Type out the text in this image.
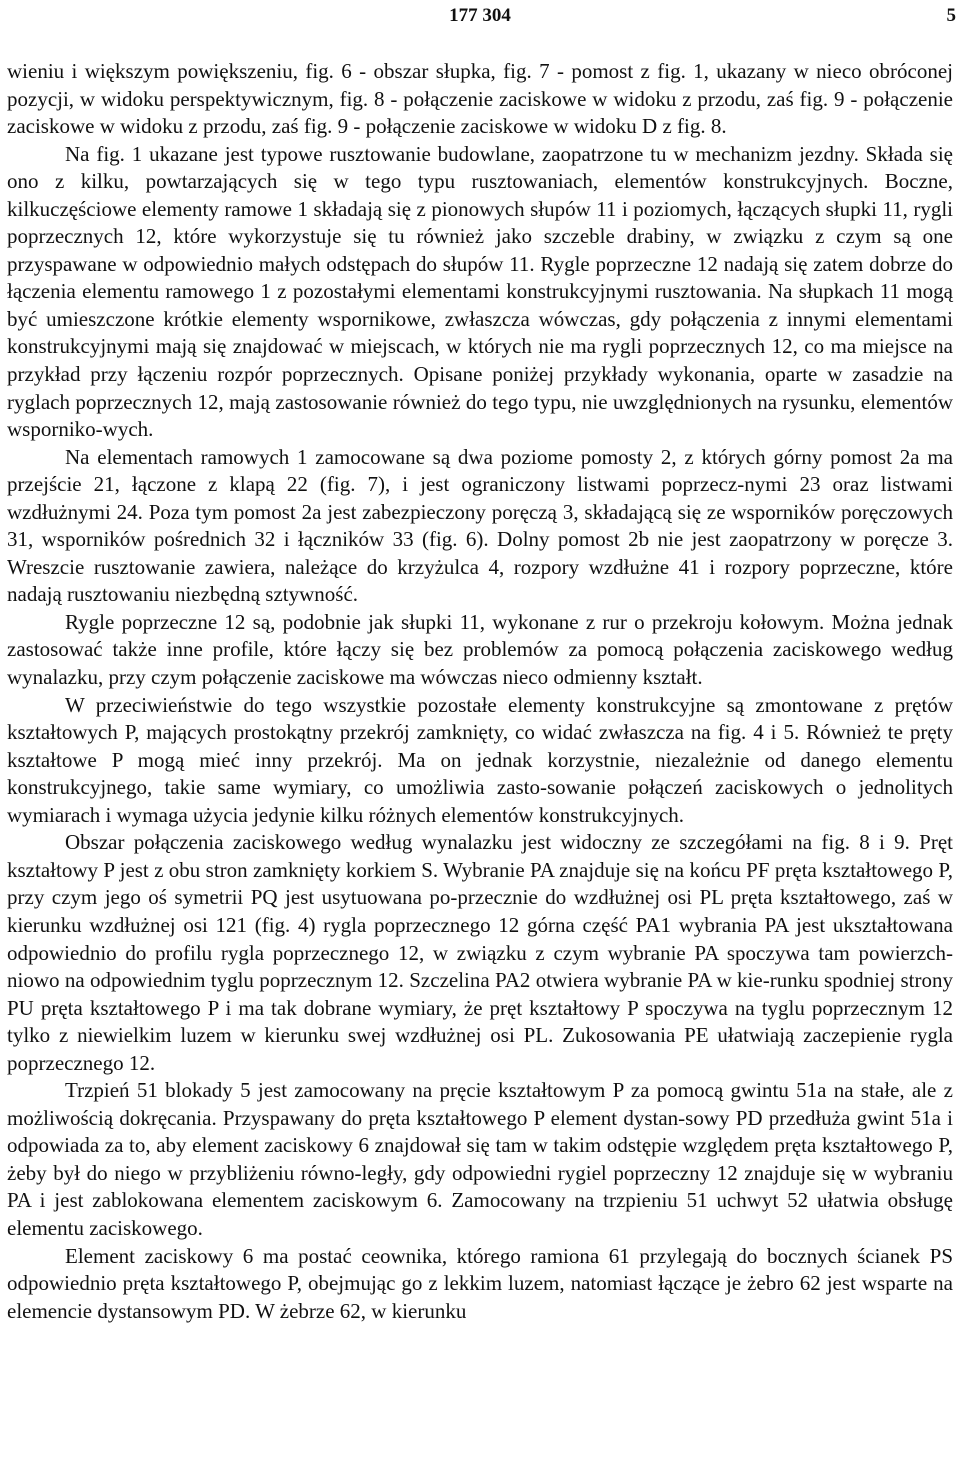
177 304	5

wieniu i większym powiększeniu, fig. 6 - obszar słupka, fig. 7 - pomost z fig. 1, ukazany w nieco obróconej pozycji, w widoku perspektywicznym, fig. 8 - połączenie zaciskowe w widoku z przodu, zaś fig. 9 - połączenie zaciskowe w widoku z przodu, zaś fig. 9 - połączenie zaciskowe w widoku D z fig. 8.

Na fig. 1 ukazane jest typowe rusztowanie budowlane, zaopatrzone tu w mechanizm jezdny. Składa się ono z kilku, powtarzających się w tego typu rusztowaniach, elementów konstrukcyjnych. Boczne, kilkuczęściowe elementy ramowe 1 składają się z pionowych słupów 11 i poziomych, łączących słupki 11, rygli poprzecznych 12, które wykorzystuje się tu również jako szczeble drabiny, w związku z czym są one przyspawane w odpowiednio małych odstępach do słupów 11. Rygle poprzeczne 12 nadają się zatem dobrze do łączenia elementu ramowego 1 z pozostałymi elementami konstrukcyjnymi rusztowania. Na słupkach 11 mogą być umieszczone krótkie elementy wspornikowe, zwłaszcza wówczas, gdy połączenia z innymi elementami konstrukcyjnymi mają się znajdować w miejscach, w których nie ma rygli poprzecznych 12, co ma miejsce na przykład przy łączeniu rozpór poprzecznych. Opisane poniżej przykłady wykonania, oparte w zasadzie na ryglach poprzecznych 12, mają zastosowanie również do tego typu, nie uwzględnionych na rysunku, elementów wsporniko-wych.

Na elementach ramowych 1 zamocowane są dwa poziome pomosty 2, z których górny pomost 2a ma przejście 21, łączone z klapą 22 (fig. 7), i jest ograniczony listwami poprzecz-nymi 23 oraz listwami wzdłużnymi 24. Poza tym pomost 2a jest zabezpieczony poręczą 3, składającą się ze wsporników poręczowych 31, wsporników pośrednich 32 i łączników 33 (fig. 6). Dolny pomost 2b nie jest zaopatrzony w poręcze 3. Wreszcie rusztowanie zawiera, należące do krzyżulca 4, rozpory wzdłużne 41 i rozpory poprzeczne, które nadają rusztowaniu niezbędną sztywność.

Rygle poprzeczne 12 są, podobnie jak słupki 11, wykonane z rur o przekroju kołowym. Można jednak zastosować także inne profile, które łączy się bez problemów za pomocą połączenia zaciskowego według wynalazku, przy czym połączenie zaciskowe ma wówczas nieco odmienny kształt.

W przeciwieństwie do tego wszystkie pozostałe elementy konstrukcyjne są zmontowane z prętów kształtowych P, mających prostokątny przekrój zamknięty, co widać zwłaszcza na fig. 4 i 5. Również te pręty kształtowe P mogą mieć inny przekrój. Ma on jednak korzystnie, niezależnie od danego elementu konstrukcyjnego, takie same wymiary, co umożliwia zasto-sowanie połączeń zaciskowych o jednolitych wymiarach i wymaga użycia jedynie kilku różnych elementów konstrukcyjnych.

Obszar połączenia zaciskowego według wynalazku jest widoczny ze szczegółami na fig. 8 i 9. Pręt kształtowy P jest z obu stron zamknięty korkiem S. Wybranie PA znajduje się na końcu PF pręta kształtowego P, przy czym jego oś symetrii PQ jest usytuowana po-przecznie do wzdłużnej osi PL pręta kształtowego, zaś w kierunku wzdłużnej osi 121 (fig. 4) rygla poprzecznego 12 górna część PA1 wybrania PA jest ukształtowana odpowiednio do profilu rygla poprzecznego 12, w związku z czym wybranie PA spoczywa tam powierzch-niowo na odpowiednim tyglu poprzecznym 12. Szczelina PA2 otwiera wybranie PA w kie-runku spodniej strony PU pręta kształtowego P i ma tak dobrane wymiary, że pręt kształtowy P spoczywa na tyglu poprzecznym 12 tylko z niewielkim luzem w kierunku swej wzdłużnej osi PL. Zukosowania PE ułatwiają zaczepienie rygla poprzecznego 12.

Trzpień 51 blokady 5 jest zamocowany na pręcie kształtowym P za pomocą gwintu 51a na stałe, ale z możliwością dokręcania. Przyspawany do pręta kształtowego P element dystan-sowy PD przedłuża gwint 51a i odpowiada za to, aby element zaciskowy 6 znajdował się tam w takim odstępie względem pręta kształtowego P, żeby był do niego w przybliżeniu równo-legły, gdy odpowiedni rygiel poprzeczny 12 znajduje się w wybraniu PA i jest zablokowana elementem zaciskowym 6. Zamocowany na trzpieniu 51 uchwyt 52 ułatwia obsługę elementu zaciskowego.

Element zaciskowy 6 ma postać ceownika, którego ramiona 61 przylegają do bocznych ścianek PS odpowiednio pręta kształtowego P, obejmując go z lekkim luzem, natomiast łączące je żebro 62 jest wsparte na elemencie dystansowym PD. W żebrze 62, w kierunku
